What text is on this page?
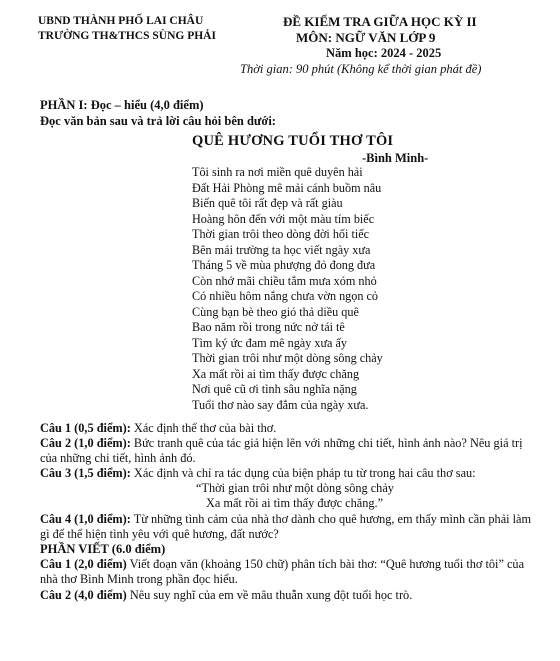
UBND THÀNH PHỐ LAI CHÂU
TRƯỜNG TH&THCS SÙNG PHẢI
ĐỀ KIỂM TRA GIỮA HỌC KỲ II
MÔN: NGỮ VĂN LỚP 9
Năm học: 2024 - 2025
Thời gian: 90 phút (Không kể thời gian phát đề)
PHẦN I: Đọc – hiểu (4,0 điểm)
Đọc văn bản sau và trả lời câu hỏi bên dưới:
QUÊ HƯƠNG TUỔI THƠ TÔI
-Bình Minh-
Tôi sinh ra nơi miền quê duyên hải
Đất Hải Phòng mê mải cánh buồm nâu
Biển quê tôi rất đẹp và rất giàu
Hoàng hôn đến với một màu tím biếc
Thời gian trôi theo dòng đời hối tiếc
Bên mái trường ta học viết ngày xưa
Tháng 5 về mùa phượng đỏ đong đưa
Còn nhớ mãi chiều tắm mưa xóm nhỏ
Có nhiều hôm nắng chưa vờn ngọn cỏ
Cùng bạn bè theo gió thả diều quê
Bao năm rồi trong nức nở tái tê
Tìm ký ức đam mê ngày xưa ấy
Thời gian trôi như một dòng sông chảy
Xa mất rồi ai tìm thấy được chăng
Nơi quê cũ ơi tình sâu nghĩa nặng
Tuổi thơ nào say đắm của ngày xưa.
Câu 1 (0,5 điểm): Xác định thể thơ của bài thơ.
Câu 2 (1,0 điểm): Bức tranh quê của tác giả hiện lên với những chi tiết, hình ảnh nào? Nêu giá trị của những chi tiết, hình ảnh đó.
Câu 3 (1,5 điểm): Xác định và chỉ ra tác dụng của biện pháp tu từ trong hai câu thơ sau:
“Thời gian trôi như một dòng sông chảy
Xa mất rồi ai tìm thấy được chăng.”
Câu 4 (1,0 điểm): Từ những tình cảm của nhà thơ dành cho quê hương, em thấy mình cần phải làm gì để thể hiện tình yêu với quê hương, đất nước?
PHẦN VIẾT (6.0 điểm)
Câu 1 (2,0 điểm) Viết đoạn văn (khoảng 150 chữ) phân tích bài thơ: “Quê hương tuổi thơ tôi” của nhà thơ Bình Minh trong phần đọc hiểu.
Câu 2 (4,0 điểm) Nêu suy nghĩ của em về mâu thuẫn xung đột tuổi học trò.
